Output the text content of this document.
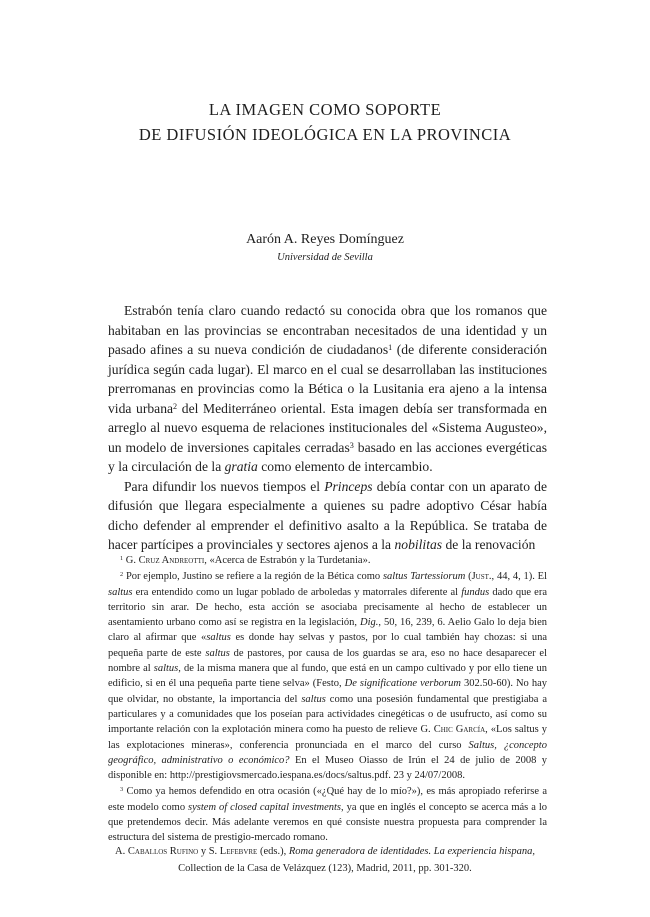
LA IMAGEN COMO SOPORTE
DE DIFUSIÓN IDEOLÓGICA EN LA PROVINCIA
Aarón A. Reyes Domínguez
Universidad de Sevilla

Estrabón tenía claro cuando redactó su conocida obra que los romanos que habitaban en las provincias se encontraban necesitados de una identidad y un pasado afines a su nueva condición de ciudadanos$^1$ (de diferente consideración jurídica según cada lugar). El marco en el cual se desarrollaban las instituciones prerromanas en provincias como la Bética o la Lusitania era ajeno a la intensa vida urbana$^2$ del Mediterráneo oriental. Esta imagen debía ser transformada en arreglo al nuevo esquema de relaciones institucionales del «Sistema Augusteo», un modelo de inversiones capitales cerradas$^3$ basado en las acciones evergéticas y la circulación de la gratia como elemento de intercambio.

Para difundir los nuevos tiempos el Princeps debía contar con un aparato de difusión que llegara especialmente a quienes su padre adoptivo César había dicho defender al emprender el definitivo asalto a la República. Se trataba de hacer partícipes a provinciales y sectores ajenos a la nobilitas de la renovación

$^1$ G. Cruz Andreotti, «Acerca de Estrabón y la Turdetania».

$^2$ Por ejemplo, Justino se refiere a la región de la Bética como saltus Tartessiorum (Just., 44, 4, 1). El saltus era entendido como un lugar poblado de arboledas y matorrales diferente al fundus dado que era territorio sin arar. De hecho, esta acción se asociaba precisamente al hecho de establecer un asentamiento urbano como así se registra en la legislación, Dig., 50, 16, 239, 6. Aelio Galo lo deja bien claro al afirmar que «saltus es donde hay selvas y pastos, por lo cual también hay chozas: si una pequeña parte de este saltus de pastores, por causa de los guardas se ara, eso no hace desaparecer el nombre al saltus, de la misma manera que al fundo, que está en un campo cultivado y por ello tiene un edificio, si en él una pequeña parte tiene selva» (Festo, De significatione verborum 302.50-60). No hay que olvidar, no obstante, la importancia del saltus como una posesión fundamental que prestigiaba a particulares y a comunidades que los poseían para actividades cinegéticas o de usufructo, así como su importante relación con la explotación minera como ha puesto de relieve G. Chic García, «Los saltus y las explotaciones mineras», conferencia pronunciada en el marco del curso Saltus, ¿concepto geográfico, administrativo o económico? En el Museo Oiasso de Irún el 24 de julio de 2008 y disponible en: http://prestigiovsmercado.iespana.es/docs/saltus.pdf. 23 y 24/07/2008.

$^3$ Como ya hemos defendido en otra ocasión («¿Qué hay de lo mío?»), es más apropiado referirse a este modelo como system of closed capital investments, ya que en inglés el concepto se acerca más a lo que pretendemos decir. Más adelante veremos en qué consiste nuestra propuesta para comprender la estructura del sistema de prestigio-mercado romano.

A. Caballos Rufino y S. Lefebvre (eds.), Roma generadora de identidades. La experiencia hispana,
Collection de la Casa de Velázquez (123), Madrid, 2011, pp. 301-320.
